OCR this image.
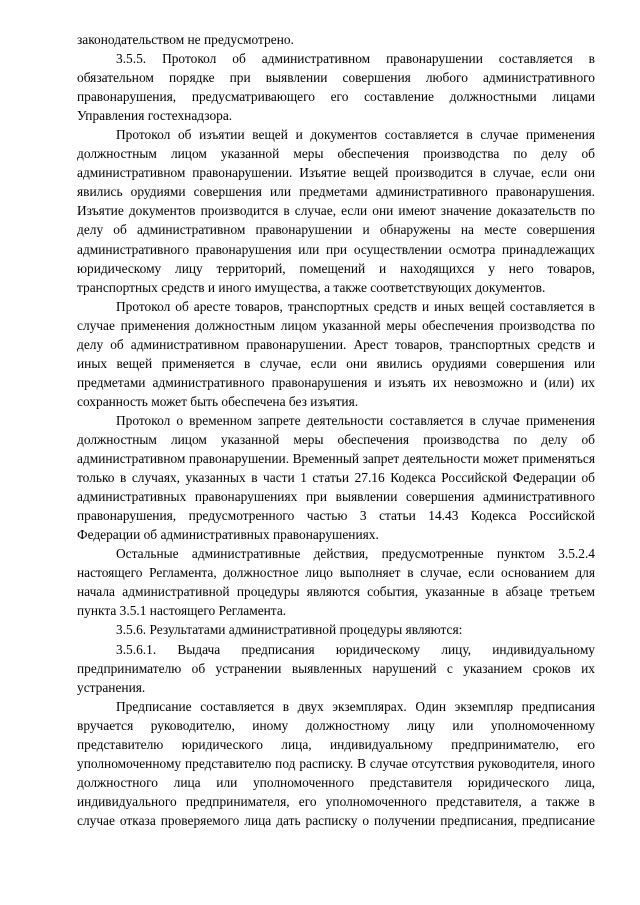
законодательством не предусмотрено.

3.5.5. Протокол об административном правонарушении составляется в обязательном порядке при выявлении совершения любого административного правонарушения, предусматривающего его составление должностными лицами Управления гостехнадзора.

Протокол об изъятии вещей и документов составляется в случае применения должностным лицом указанной меры обеспечения производства по делу об административном правонарушении. Изъятие вещей производится в случае, если они явились орудиями совершения или предметами административного правонарушения. Изъятие документов производится в случае, если они имеют значение доказательств по делу об административном правонарушении и обнаружены на месте совершения административного правонарушения или при осуществлении осмотра принадлежащих юридическому лицу территорий, помещений и находящихся у него товаров, транспортных средств и иного имущества, а также соответствующих документов.

Протокол об аресте товаров, транспортных средств и иных вещей составляется в случае применения должностным лицом указанной меры обеспечения производства по делу об административном правонарушении. Арест товаров, транспортных средств и иных вещей применяется в случае, если они явились орудиями совершения или предметами административного правонарушения и изъять их невозможно и (или) их сохранность может быть обеспечена без изъятия.

Протокол о временном запрете деятельности составляется в случае применения должностным лицом указанной меры обеспечения производства по делу об административном правонарушении. Временный запрет деятельности может применяться только в случаях, указанных в части 1 статьи 27.16 Кодекса Российской Федерации об административных правонарушениях при выявлении совершения административного правонарушения, предусмотренного частью 3 статьи 14.43 Кодекса Российской Федерации об административных правонарушениях.

Остальные административные действия, предусмотренные пунктом 3.5.2.4 настоящего Регламента, должностное лицо выполняет в случае, если основанием для начала административной процедуры являются события, указанные в абзаце третьем пункта 3.5.1 настоящего Регламента.

3.5.6. Результатами административной процедуры являются:

3.5.6.1. Выдача предписания юридическому лицу, индивидуальному предпринимателю об устранении выявленных нарушений с указанием сроков их устранения.

Предписание составляется в двух экземплярах. Один экземпляр предписания вручается руководителю, иному должностному лицу или уполномоченному представителю юридического лица, индивидуальному предпринимателю, его уполномоченному представителю под расписку. В случае отсутствия руководителя, иного должностного лица или уполномоченного представителя юридического лица, индивидуального предпринимателя, его уполномоченного представителя, а также в случае отказа проверяемого лица дать расписку о получении предписания, предписание
